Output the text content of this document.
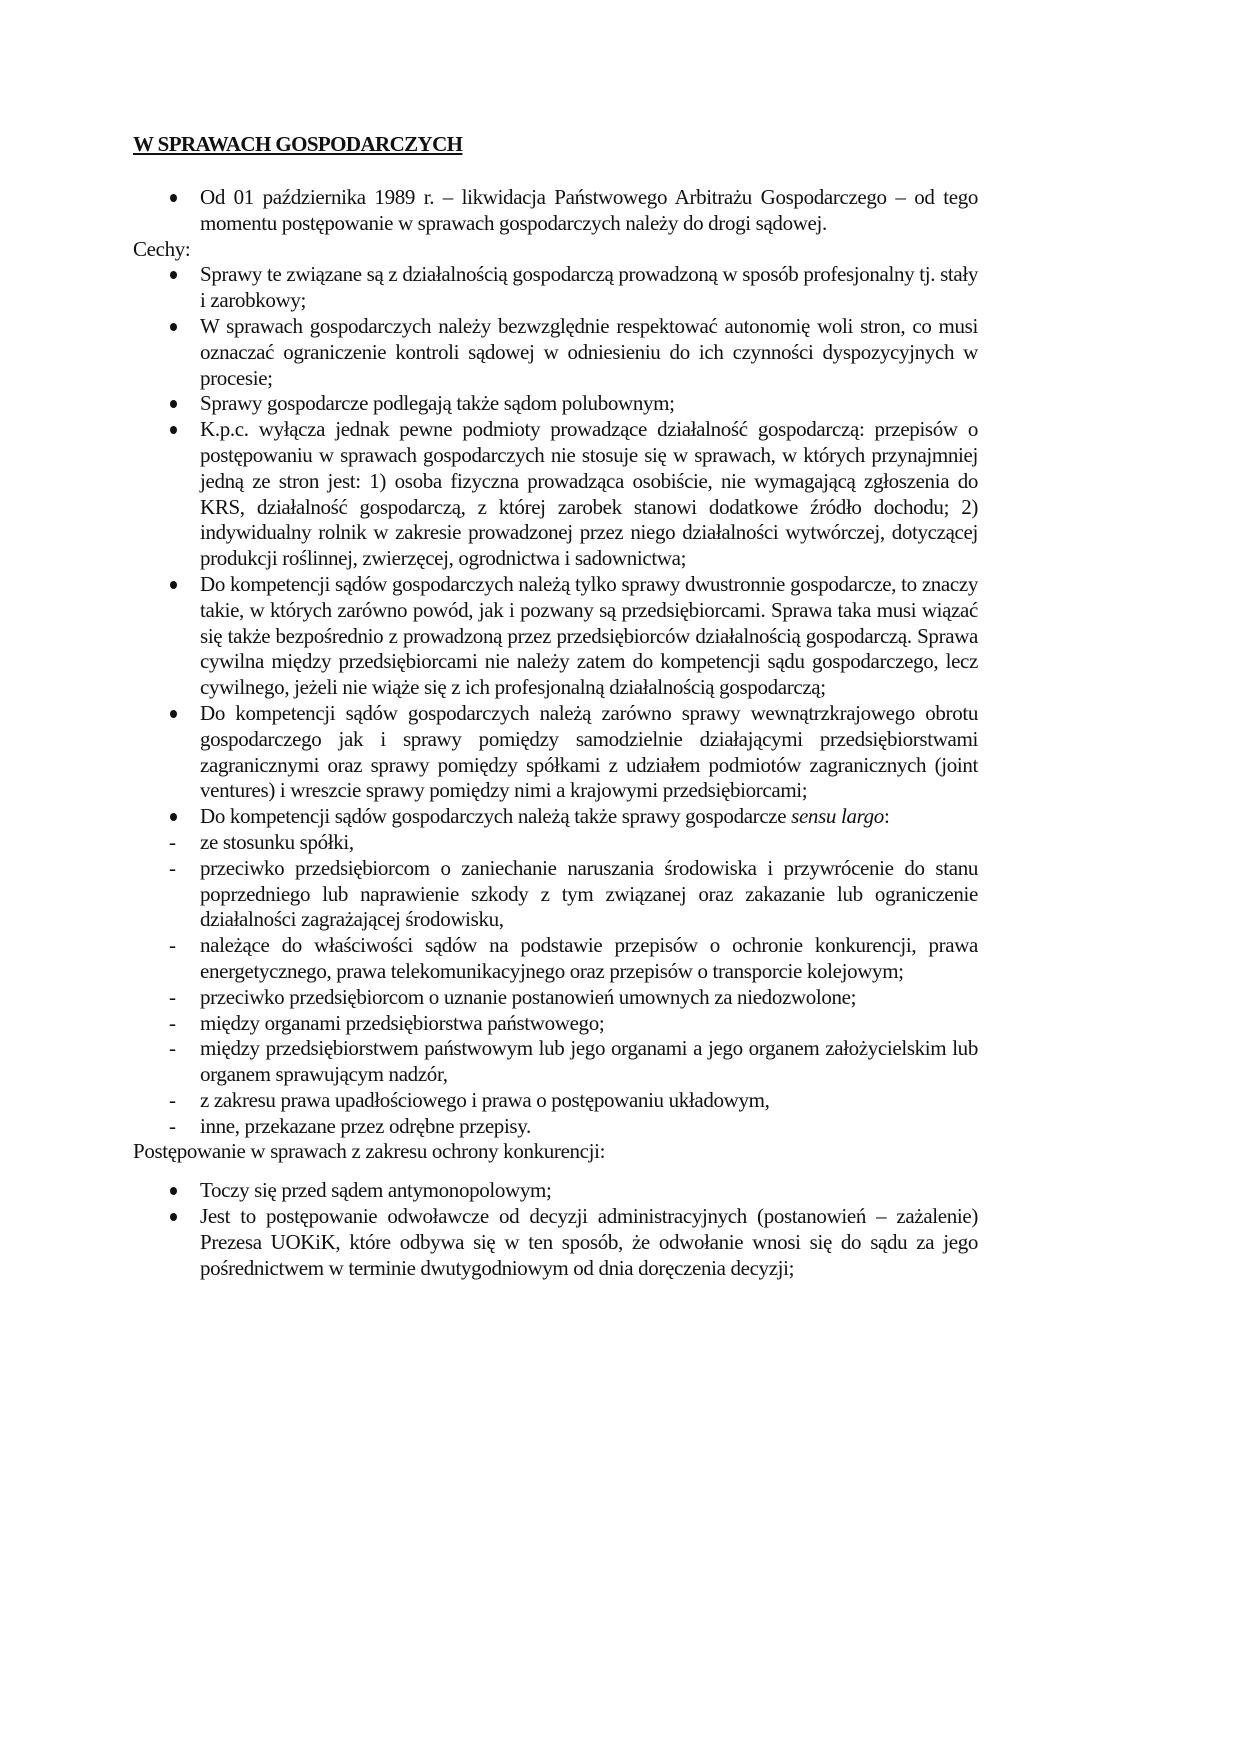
W SPRAWACH GOSPODARCZYCH
Od 01 października 1989 r. – likwidacja Państwowego Arbitrażu Gospodarczego – od tego momentu postępowanie w sprawach gospodarczych należy do drogi sądowej.
Cechy:
Sprawy te związane są z działalnością gospodarczą prowadzoną w sposób profesjonalny tj. stały i zarobkowy;
W sprawach gospodarczych należy bezwzględnie respektować autonomię woli stron, co musi oznaczać ograniczenie kontroli sądowej w odniesieniu do ich czynności dyspozycyjnych w procesie;
Sprawy gospodarcze podlegają także sądom polubownym;
K.p.c. wyłącza jednak pewne podmioty prowadzące działalność gospodarczą: przepisów o postępowaniu w sprawach gospodarczych nie stosuje się w sprawach, w których przynajmniej jedną ze stron jest: 1) osoba fizyczna prowadząca osobiście, nie wymagającą zgłoszenia do KRS, działalność gospodarczą, z której zarobek stanowi dodatkowe źródło dochodu; 2) indywidualny rolnik w zakresie prowadzonej przez niego działalności wytwórczej, dotyczącej produkcji roślinnej, zwierzęcej, ogrodnictwa i sadownictwa;
Do kompetencji sądów gospodarczych należą tylko sprawy dwustronnie gospodarcze, to znaczy takie, w których zarówno powód, jak i pozwany są przedsiębiorcami. Sprawa taka musi wiązać się także bezpośrednio z prowadzoną przez przedsiębiorców działalnością gospodarczą. Sprawa cywilna między przedsiębiorcami nie należy zatem do kompetencji sądu gospodarczego, lecz cywilnego, jeżeli nie wiąże się z ich profesjonalną działalnością gospodarczą;
Do kompetencji sądów gospodarczych należą zarówno sprawy wewnątrzkrajowego obrotu gospodarczego jak i sprawy pomiędzy samodzielnie działającymi przedsiębiorstwami zagranicznymi oraz sprawy pomiędzy spółkami z udziałem podmiotów zagranicznych (joint ventures) i wreszcie sprawy pomiędzy nimi a krajowymi przedsiębiorcami;
Do kompetencji sądów gospodarczych należą także sprawy gospodarcze sensu largo:
ze stosunku spółki,
przeciwko przedsiębiorcom o zaniechanie naruszania środowiska i przywrócenie do stanu poprzedniego lub naprawienie szkody z tym związanej oraz zakazanie lub ograniczenie działalności zagrażającej środowisku,
należące do właściwości sądów na podstawie przepisów o ochronie konkurencji, prawa energetycznego, prawa telekomunikacyjnego oraz przepisów o transporcie kolejowym;
przeciwko przedsiębiorcom o uznanie postanowień umownych za niedozwolone;
między organami przedsiębiorstwa państwowego;
między przedsiębiorstwem państwowym lub jego organami a jego organem założycielskim lub organem sprawującym nadzór,
z zakresu prawa upadłościowego i prawa o postępowaniu układowym,
inne, przekazane przez odrębne przepisy.
Postępowanie w sprawach z zakresu ochrony konkurencji:
Toczy się przed sądem antymonopolowym;
Jest to postępowanie odwoławcze od decyzji administracyjnych (postanowień – zażalenie) Prezesa UOKiK, które odbywa się w ten sposób, że odwołanie wnosi się do sądu za jego pośrednictwem w terminie dwutygodniowym od dnia doręczenia decyzji;
